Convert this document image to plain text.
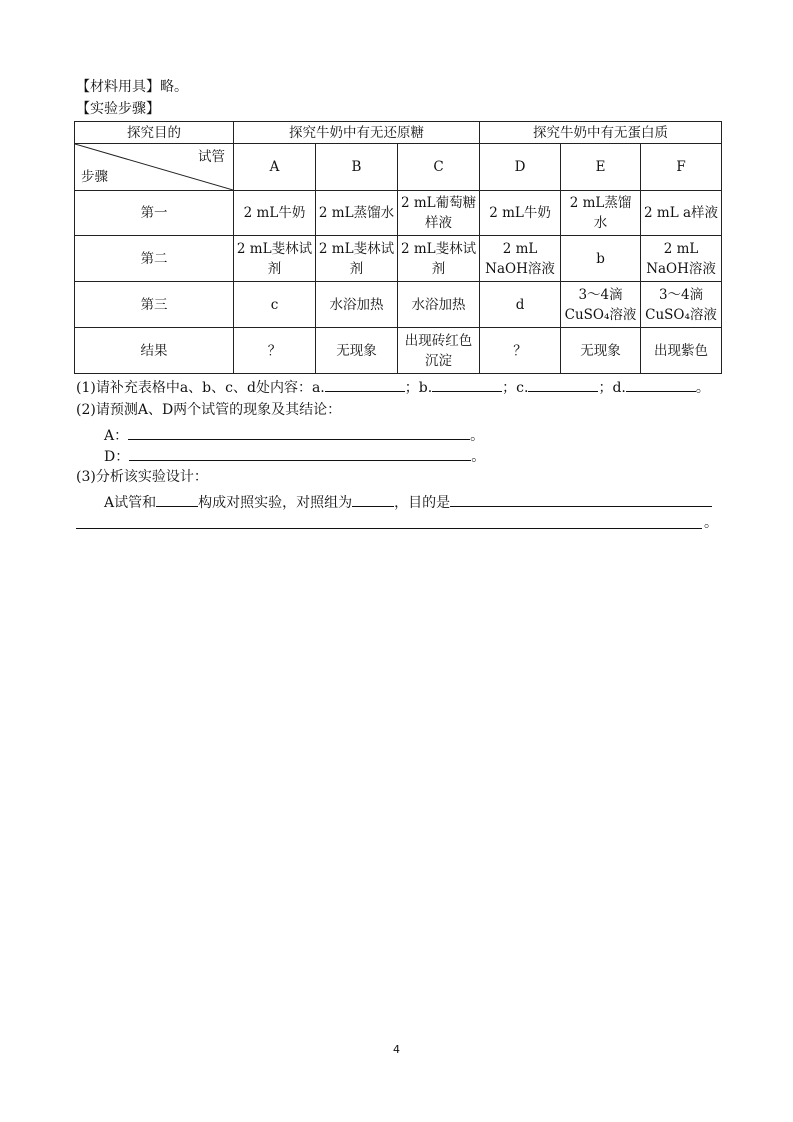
【材料用具】略。
【实验步骤】
探究目的	探究牛奶中有无还原糖			探究牛奶中有无蛋白质		

试管
步骤	A	B	C	D	E	F
第一	2 mL牛奶	2 mL蒸馏水	2 mL葡萄糖样液	2 mL牛奶	2 mL蒸馏水	2 mL a样液
第二	2 mL斐林试剂	2 mL斐林试剂	2 mL斐林试剂	2 mL NaOH溶液	b	2 mL NaOH溶液
第三	c	水浴加热	水浴加热	d	3～4滴CuSO₄溶液	3～4滴CuSO₄溶液
结果	？	无现象	出现砖红色沉淀	？	无现象	出现紫色
(1)请补充表格中a、b、c、d处内容：a.	；b.	；c.	；d.	。
(2)请预测A、D两个试管的现象及其结论：
A：	。
D：	。
(3)分析该实验设计：
A试管和	构成对照实验，对照组为	，目的是
。
4
